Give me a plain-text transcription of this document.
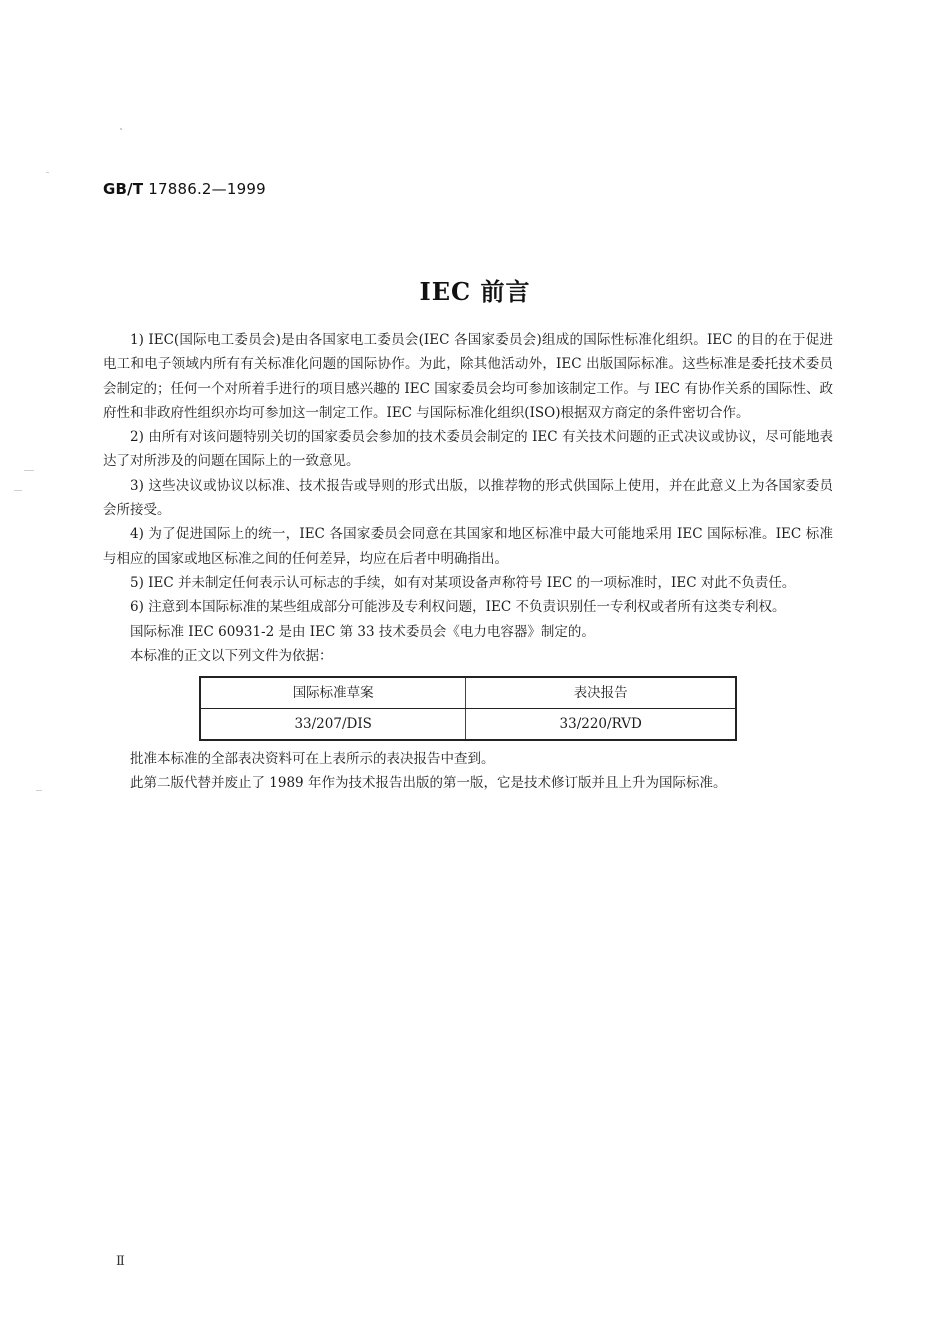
GB/T 17886.2—1999
IEC 前言

1) IEC(国际电工委员会)是由各国家电工委员会(IEC 各国家委员会)组成的国际性标准化组织。IEC 的目的在于促进电工和电子领域内所有有关标准化问题的国际协作。为此，除其他活动外，IEC 出版国际标准。这些标准是委托技术委员会制定的；任何一个对所着手进行的项目感兴趣的 IEC 国家委员会均可参加该制定工作。与 IEC 有协作关系的国际性、政府性和非政府性组织亦均可参加这一制定工作。IEC 与国际标准化组织(ISO)根据双方商定的条件密切合作。

2) 由所有对该问题特别关切的国家委员会参加的技术委员会制定的 IEC 有关技术问题的正式决议或协议，尽可能地表达了对所涉及的问题在国际上的一致意见。

3) 这些决议或协议以标准、技术报告或导则的形式出版，以推荐物的形式供国际上使用，并在此意义上为各国家委员会所接受。

4) 为了促进国际上的统一，IEC 各国家委员会同意在其国家和地区标准中最大可能地采用 IEC 国际标准。IEC 标准与相应的国家或地区标准之间的任何差异，均应在后者中明确指出。

5) IEC 并未制定任何表示认可标志的手续，如有对某项设备声称符号 IEC 的一项标准时，IEC 对此不负责任。

6) 注意到本国际标准的某些组成部分可能涉及专利权问题，IEC 不负责识别任一专利权或者所有这类专利权。

国际标准 IEC 60931-2 是由 IEC 第 33 技术委员会《电力电容器》制定的。

本标准的正文以下列文件为依据：

国际标准草案	表决报告
33/207/DIS	33/220/RVD

批准本标准的全部表决资料可在上表所示的表决报告中查到。

此第二版代替并废止了 1989 年作为技术报告出版的第一版，它是技术修订版并且上升为国际标准。

Ⅱ
